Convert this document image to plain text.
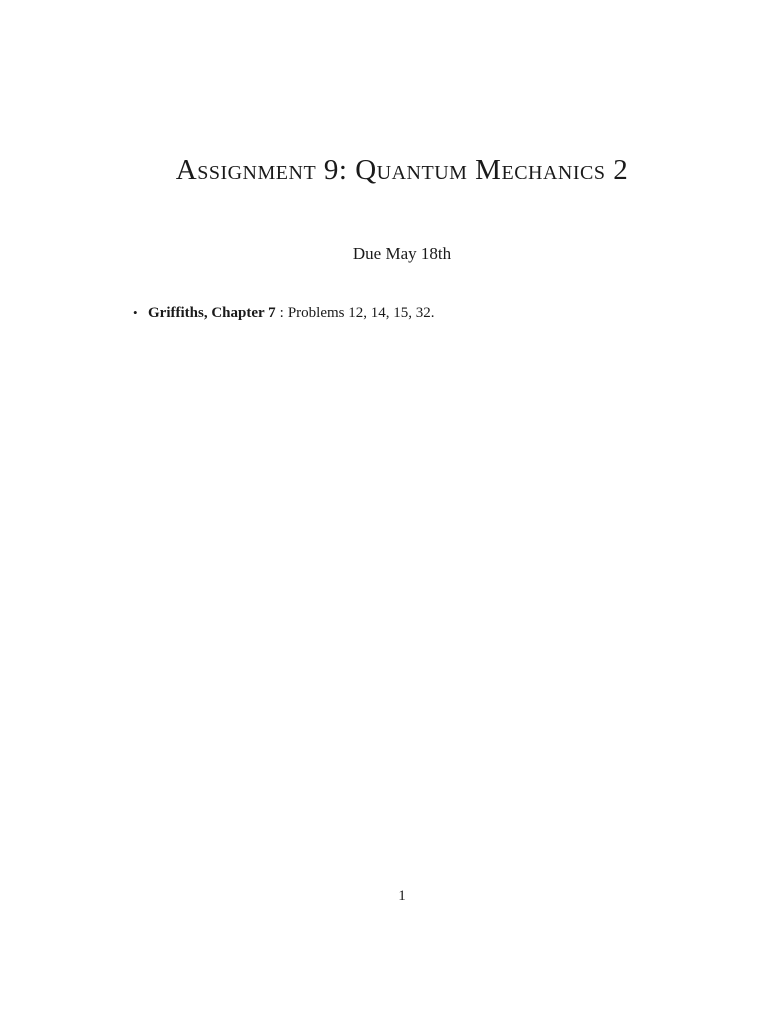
Assignment 9: Quantum Mechanics 2
Due May 18th
• Griffiths, Chapter 7 : Problems 12, 14, 15, 32.
1
